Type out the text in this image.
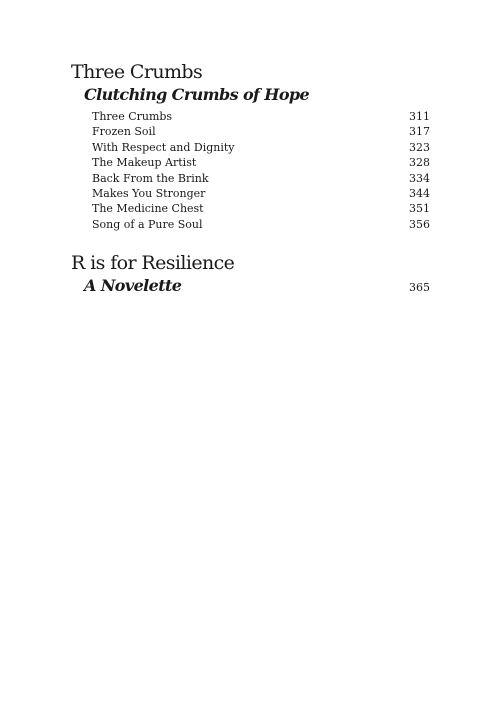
Three Crumbs
Clutching Crumbs of Hope
Three Crumbs	311
Frozen Soil	317
With Respect and Dignity	323
The Makeup Artist	328
Back From the Brink	334
Makes You Stronger	344
The Medicine Chest	351
Song of a Pure Soul	356
R is for Resilience
A Novelette	365
